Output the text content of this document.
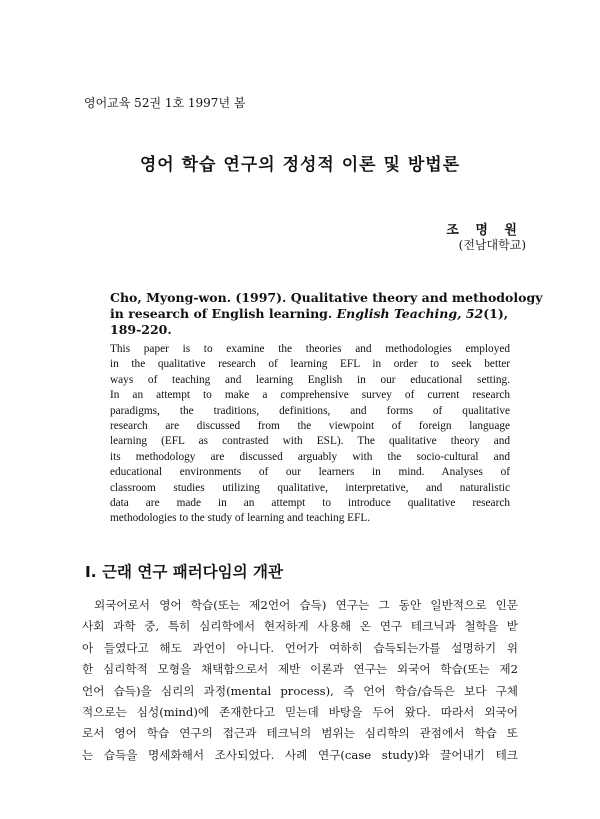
영어교육 52권 1호 1997년 봄
영어 학습 연구의 정성적 이론 및 방법론
조 명 원
(전남대학교)
Cho, Myong-won. (1997). Qualitative theory and methodology
in research of English learning. English Teaching, 52(1),
189-220.
This paper is to examine the theories and methodologies employed
in the qualitative research of learning EFL in order to seek better
ways of teaching and learning English in our educational setting.
In an attempt to make a comprehensive survey of current research
paradigms, the traditions, definitions, and forms of qualitative
research are discussed from the viewpoint of foreign language
learning (EFL as contrasted with ESL). The qualitative theory and
its methodology are discussed arguably with the socio-cultural and
educational environments of our learners in mind. Analyses of
classroom studies utilizing qualitative, interpretative, and naturalistic
data are made in an attempt to introduce qualitative research
methodologies to the study of learning and teaching EFL.
I. 근래 연구 패러다임의 개관
외국어로서 영어 학습(또는 제2언어 습득) 연구는 그 동안 일반적으로 인문
사회 과학 중, 특히 심리학에서 현저하게 사용해 온 연구 테크닉과 철학을 받
아 들였다고 해도 과언이 아니다. 언어가 여하히 습득되는가를 설명하기 위
한 심리학적 모형을 채택함으로서 제반 이론과 연구는 외국어 학습(또는 제2
언어 습득)을 심리의 과정(mental process), 즉 언어 학습/습득은 보다 구체
적으로는 심성(mind)에 존재한다고 믿는데 바탕을 두어 왔다. 따라서 외국어
로서 영어 학습 연구의 접근과 테크닉의 범위는 심리학의 관점에서 학습 또
는 습득을 명세화해서 조사되었다. 사례 연구(case study)와 끌어내기 테크
